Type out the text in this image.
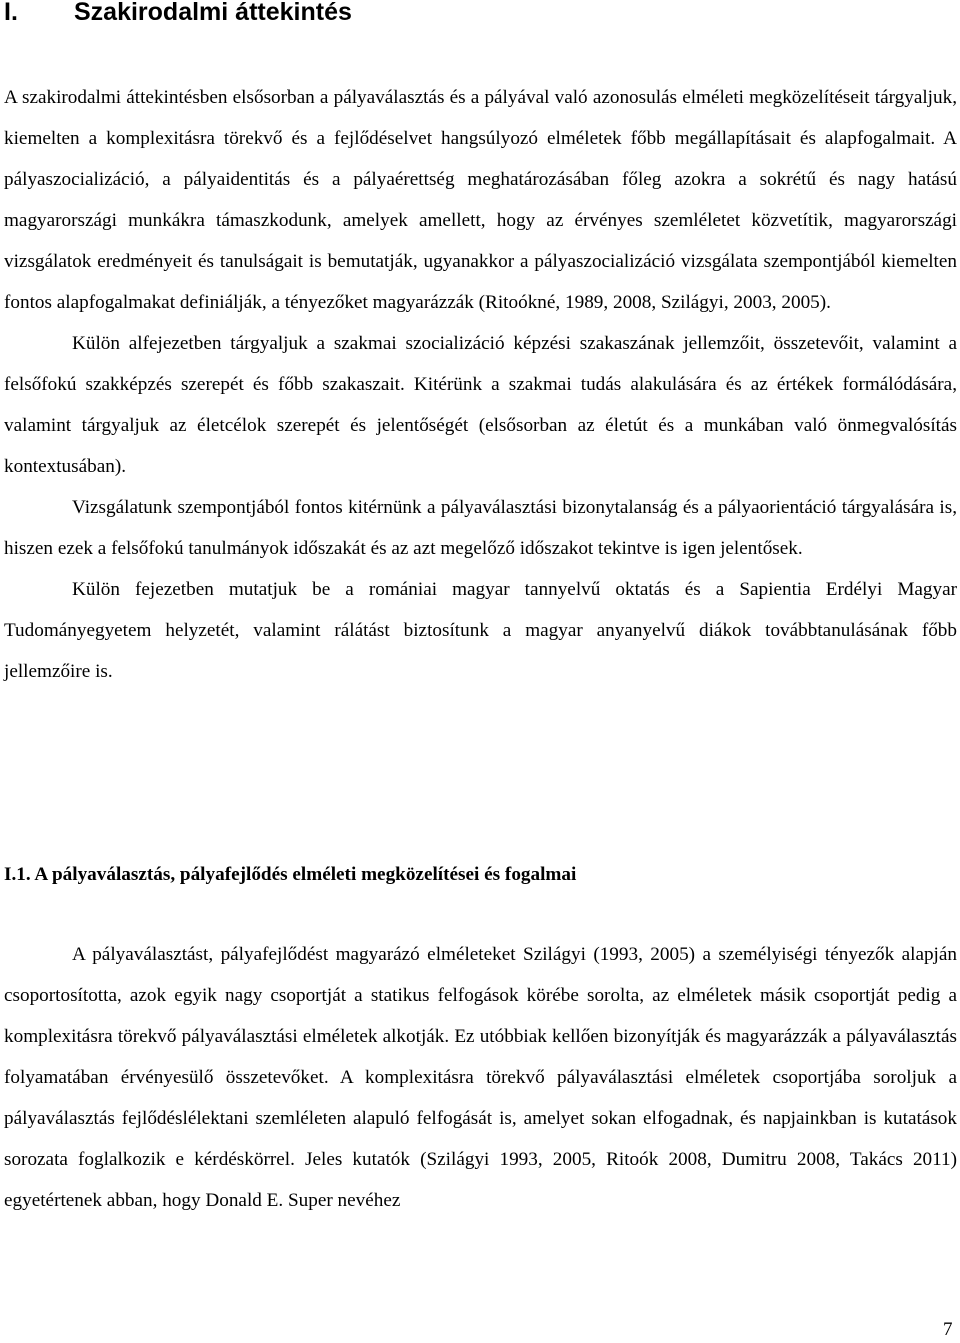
I. Szakirodalmi áttekintés

A szakirodalmi áttekintésben elsősorban a pályaválasztás és a pályával való azonosulás elméleti megközelítéseit tárgyaljuk, kiemelten a komplexitásra törekvő és a fejlődéselvet hangsúlyozó elméletek főbb megállapításait és alapfogalmait. A pályaszocializáció, a pályaidentitás és a pályaérettség meghatározásában főleg azokra a sokrétű és nagy hatású magyarországi munkákra támaszkodunk, amelyek amellett, hogy az érvényes szemléletet közvetítik, magyarországi vizsgálatok eredményeit és tanulságait is bemutatják, ugyanakkor a pályaszocializáció vizsgálata szempontjából kiemelten fontos alapfogalmakat definiálják, a tényezőket magyarázzák (Ritoókné, 1989, 2008, Szilágyi, 2003, 2005).

Külön alfejezetben tárgyaljuk a szakmai szocializáció képzési szakaszának jellemzőit, összetevőit, valamint a felsőfokú szakképzés szerepét és főbb szakaszait. Kitérünk a szakmai tudás alakulására és az értékek formálódására, valamint tárgyaljuk az életcélok szerepét és jelentőségét (elsősorban az életút és a munkában való önmegvalósítás kontextusában).

Vizsgálatunk szempontjából fontos kitérnünk a pályaválasztási bizonytalanság és a pályaorientáció tárgyalására is, hiszen ezek a felsőfokú tanulmányok időszakát és az azt megelőző időszakot tekintve is igen jelentősek.

Külön fejezetben mutatjuk be a romániai magyar tannyelvű oktatás és a Sapientia Erdélyi Magyar Tudományegyetem helyzetét, valamint rálátást biztosítunk a magyar anyanyelvű diákok továbbtanulásának főbb jellemzőire is.

I.1. A pályaválasztás, pályafejlődés elméleti megközelítései és fogalmai

A pályaválasztást, pályafejlődést magyarázó elméleteket Szilágyi (1993, 2005) a személyiségi tényezők alapján csoportosította, azok egyik nagy csoportját a statikus felfogások körébe sorolta, az elméletek másik csoportját pedig a komplexitásra törekvő pályaválasztási elméletek alkotják. Ez utóbbiak kellően bizonyítják és magyarázzák a pályaválasztás folyamatában érvényesülő összetevőket. A komplexitásra törekvő pályaválasztási elméletek csoportjába soroljuk a pályaválasztás fejlődéslélektani szemléleten alapuló felfogását is, amelyet sokan elfogadnak, és napjainkban is kutatások sorozata foglalkozik e kérdéskörrel. Jeles kutatók (Szilágyi 1993, 2005, Ritoók 2008, Dumitru 2008, Takács 2011) egyetértenek abban, hogy Donald E. Super nevéhez

7
